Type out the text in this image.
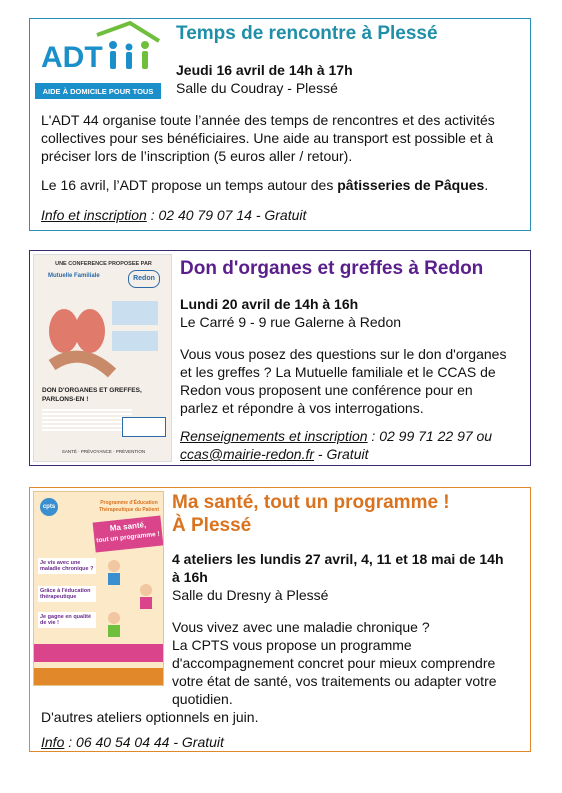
ADT
AIDE À DOMICILE POUR TOUS
Temps de rencontre à Plessé
Jeudi 16 avril de 14h à 17h
Salle du Coudray - Plessé
L'ADT 44 organise toute l’année des temps de rencontres et des activités
collectives pour ses bénéficiaires. Une aide au transport est possible et à
préciser lors de l’inscription (5 euros aller / retour).
Le 16 avril, l’ADT propose un temps autour des pâtisseries de Pâques.
Info et inscription : 02 40 79 07 14 - Gratuit
UNE CONFERENCE PROPOSEE PAR
Mutuelle Familiale	Redon
DON D'ORGANES ET GREFFES,
PARLONS-EN !
SANTÉ · PRÉVOYANCE · PRÉVENTION
Don d'organes et greffes à Redon
Lundi 20 avril de 14h à 16h
Le Carré 9 - 9 rue Galerne à Redon
Vous vous posez des questions sur le don d'organes
et les greffes ? La Mutuelle familiale et le CCAS de
Redon vous proposent une conférence pour en
parlez et répondre à vos interrogations.
Renseignements et inscription : 02 99 71 22 97 ou
ccas@mairie-redon.fr - Gratuit
cpts
Programme d'Éducation
Thérapeutique du Patient
Ma santé,
tout un programme !
Je vis avec une maladie chronique ?
Grâce à l'éducation thérapeutique
Je gagne en qualité de vie !
Ma santé, tout un programme !
À Plessé
4 ateliers les lundis 27 avril, 4, 11 et 18 mai de 14h
à 16h
Salle du Dresny à Plessé
Vous vivez avec une maladie chronique ?
La CPTS vous propose un programme
d'accompagnement concret pour mieux comprendre
votre état de santé, vos traitements ou adapter votre
quotidien.
D'autres ateliers optionnels en juin.
Info : 06 40 54 04 44 - Gratuit
